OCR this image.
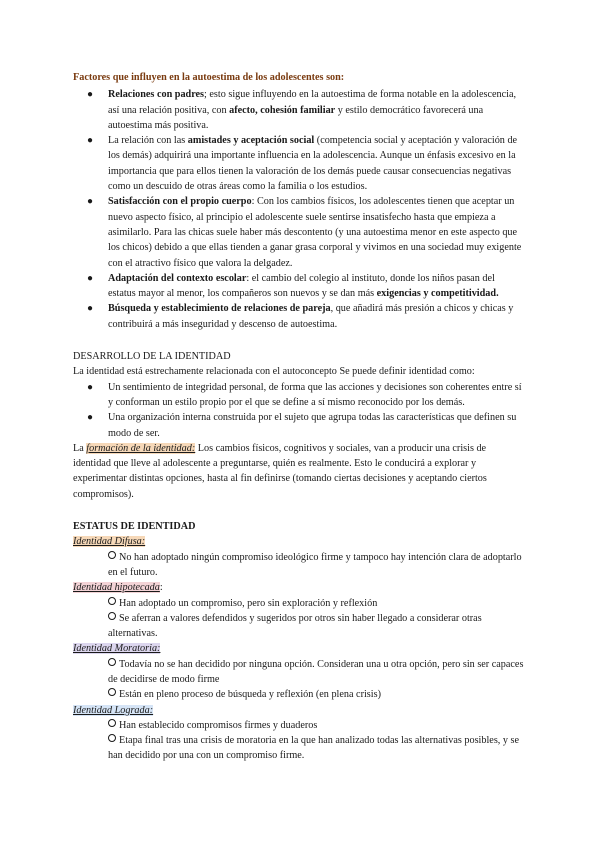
Factores que influyen en la autoestima de los adolescentes son:

● Relaciones con padres; esto sigue influyendo en la autoestima de forma notable en la adolescencia, así una relación positiva, con afecto, cohesión familiar y estilo democrático favorecerá una autoestima más positiva.
● La relación con las amistades y aceptación social (competencia social y aceptación y valoración de los demás) adquirirá una importante influencia en la adolescencia. Aunque un énfasis excesivo en la importancia que para ellos tienen la valoración de los demás puede causar consecuencias negativas como un descuido de otras áreas como la familia o los estudios.
● Satisfacción con el propio cuerpo: Con los cambios físicos, los adolescentes tienen que aceptar un nuevo aspecto físico, al principio el adolescente suele sentirse insatisfecho hasta que empieza a asimilarlo. Para las chicas suele haber más descontento (y una autoestima menor en este aspecto que los chicos) debido a que ellas tienden a ganar grasa corporal y vivimos en una sociedad muy exigente con el atractivo físico que valora la delgadez.
● Adaptación del contexto escolar: el cambio del colegio al instituto, donde los niños pasan del estatus mayor al menor, los compañeros son nuevos y se dan más exigencias y competitividad.
● Búsqueda y establecimiento de relaciones de pareja, que añadirá más presión a chicos y chicas y contribuirá a más inseguridad y descenso de autoestima.

DESARROLLO DE LA IDENTIDAD

La identidad está estrechamente relacionada con el autoconcepto Se puede definir identidad como:

● Un sentimiento de integridad personal, de forma que las acciones y decisiones son coherentes entre sí y conforman un estilo propio por el que se define a sí mismo reconocido por los demás.
● Una organización interna construida por el sujeto que agrupa todas las características que definen su modo de ser.

La formación de la identidad: Los cambios físicos, cognitivos y sociales, van a producir una crisis de identidad que lleve al adolescente a preguntarse, quién es realmente. Esto le conducirá a explorar y experimentar distintas opciones, hasta al fin definirse (tomando ciertas decisiones y aceptando ciertos compromisos).

ESTATUS DE IDENTIDAD

Identidad Difusa:

No han adoptado ningún compromiso ideológico firme y tampoco hay intención clara de adoptarlo en el futuro.

Identidad hipotecada:

Han adoptado un compromiso, pero sin exploración y reflexión

Se aferran a valores defendidos y sugeridos por otros sin haber llegado a considerar otras alternativas.

Identidad Moratoria:

Todavía no se han decidido por ninguna opción. Consideran una u otra opción, pero sin ser capaces de decidirse de modo firme

Están en pleno proceso de búsqueda y reflexión (en plena crisis)

Identidad Lograda:

Han establecido compromisos firmes y duaderos

Etapa final tras una crisis de moratoria en la que han analizado todas las alternativas posibles, y se han decidido por una con un compromiso firme.
